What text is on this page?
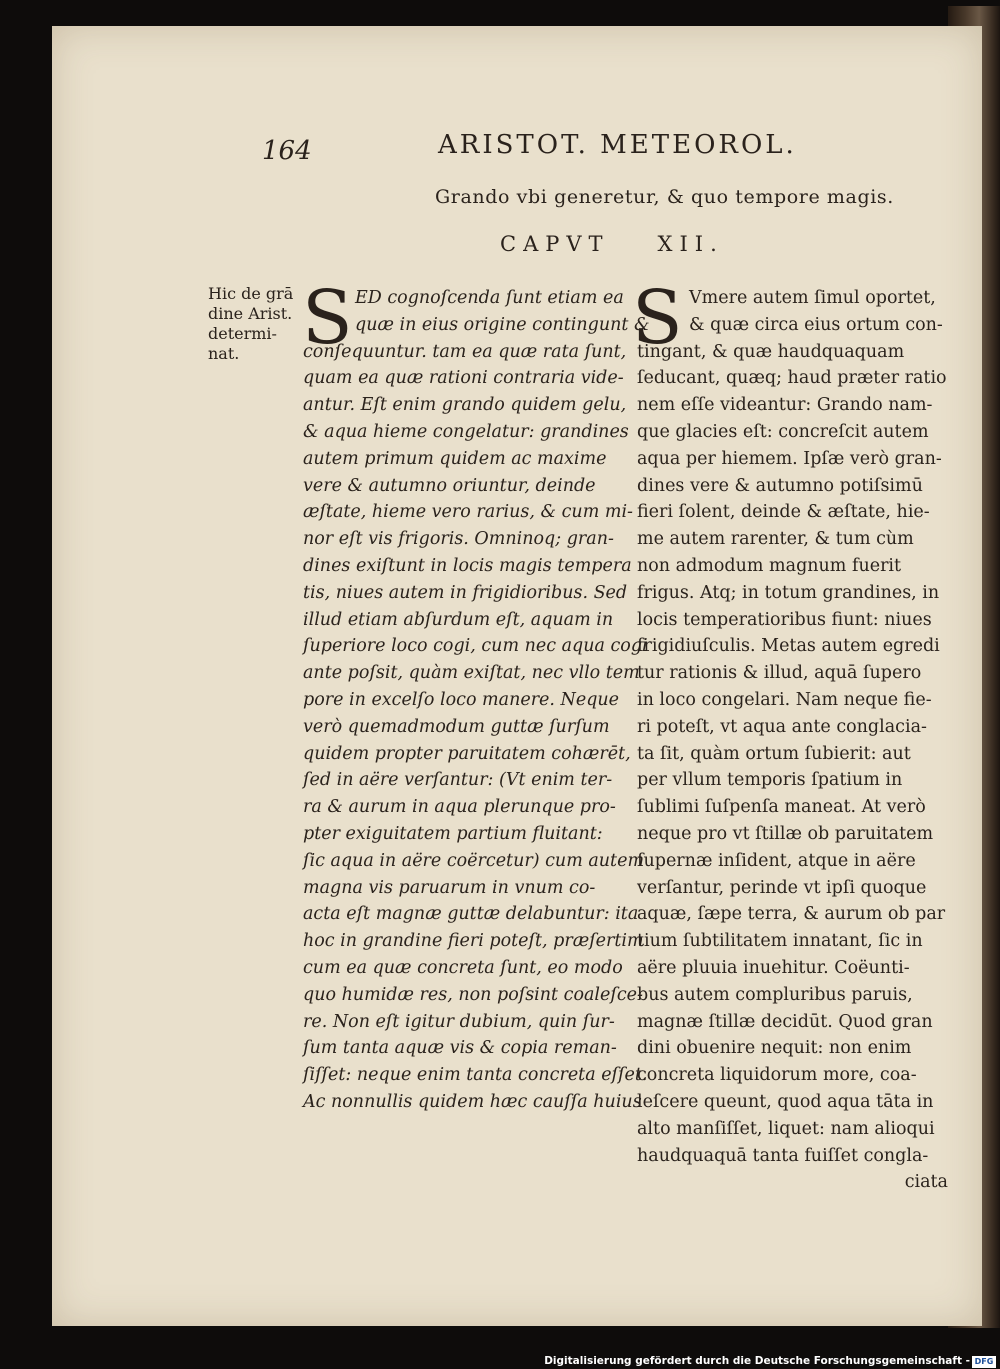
164	ARISTOT. METEOROL.
Grando vbi generetur, & quo tempore magis.
CAPVT XII.
Hic de grā
dine Arist.
determi-
nat. S ED cognoſcenda ſunt etiam ea
quæ in eius origine contingunt &
conſequuntur. tam ea quæ rata ſunt,
quam ea quæ rationi contraria vide-
antur. Eſt enim grando quidem gelu,
& aqua hieme congelatur: grandines
autem primum quidem ac maxime
vere & autumno oriuntur, deinde
æſtate, hieme vero rarius, & cum mi-
nor eſt vis frigoris. Omninoq; gran-
dines exiſtunt in locis magis tempera
tis, niues autem in frigidioribus. Sed
illud etiam abſurdum eſt, aquam in
ſuperiore loco cogi, cum nec aqua cogi
ante poſsit, quàm exiſtat, nec vllo tem
pore in excelſo loco manere. Neque
verò quemadmodum guttæ ſurſum
quidem propter paruitatem cohærēt,
ſed in aëre verſantur: (Vt enim ter-
ra & aurum in aqua plerunque pro-
pter exiguitatem partium fluitant:
ſic aqua in aëre coërcetur) cum autem
magna vis paruarum in vnum co-
acta eſt magnæ guttæ delabuntur: ita
hoc in grandine fieri poteſt, præſertim
cum ea quæ concreta ſunt, eo modo
quo humidæ res, non poſsint coaleſce-
re. Non eſt igitur dubium, quin ſur-
ſum tanta aquæ vis & copia reman-
ſiſſet: neque enim tanta concreta eſſet.
Ac nonnullis quidem hæc cauſſa huius
S Vmere autem ſimul oportet,
& quæ circa eius ortum con-
tingant, & quæ haudquaquam
ſeducant, quæq; haud præter ratio
nem eſſe videantur: Grando nam-
que glacies eſt: concreſcit autem
aqua per hiemem. Ipſæ verò gran-
dines vere & autumno potiſsimū
fieri ſolent, deinde & æſtate, hie-
me autem rarenter, & tum cùm
non admodum magnum fuerit
frigus. Atq; in totum grandines, in
locis temperatioribus fiunt: niues
frigidiuſculis. Metas autem egredi
tur rationis & illud, aquā ſupero
in loco congelari. Nam neque fie-
ri poteſt, vt aqua ante conglacia-
ta ſit, quàm ortum ſubierit: aut
per vllum temporis ſpatium in
ſublimi ſuſpenſa maneat. At verò
neque pro vt ſtillæ ob paruitatem
ſupernæ inſident, atque in aëre
verſantur, perinde vt ipſi quoque
aquæ, ſæpe terra, & aurum ob par
tium ſubtilitatem innatant, ſic in
aëre pluuia inuehitur. Coëunti-
bus autem compluribus paruis,
magnæ ſtillæ decidūt. Quod gran
dini obuenire nequit: non enim
concreta liquidorum more, coa-
leſcere queunt, quod aqua tāta in
alto manſiſſet, liquet: nam alioqui
haudquaquā tanta fuiſſet congla-
ciata
Digitalisierung gefördert durch die Deutsche Forschungsgemeinschaft - DFG
